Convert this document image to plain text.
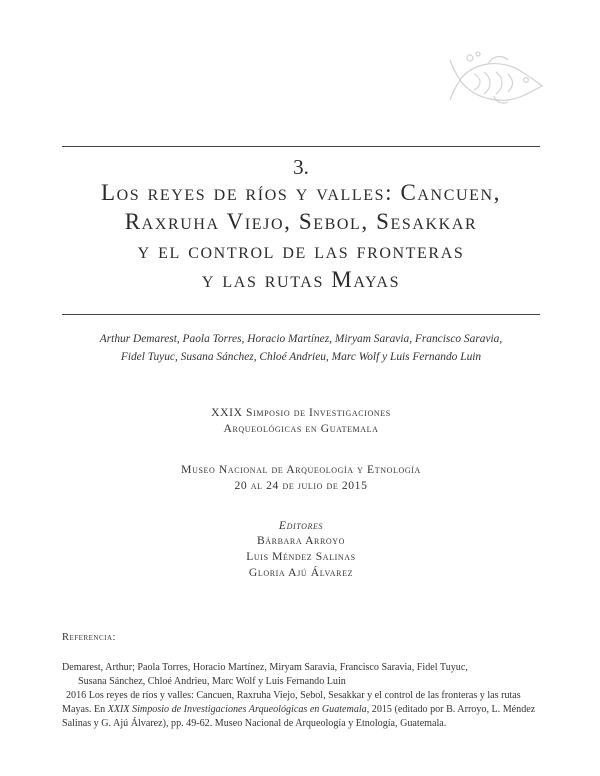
3.
Los reyes de ríos y valles: Cancuen,
Raxruha Viejo, Sebol, Sesakkar
y el control de las fronteras
y las rutas Mayas
Arthur Demarest, Paola Torres, Horacio Martínez, Miryam Saravia, Francisco Saravia,
Fidel Tuyuc, Susana Sánchez, Chloé Andrieu, Marc Wolf y Luis Fernando Luin
XXIX Simposio de Investigaciones
Arqueológicas en Guatemala
Museo Nacional de Arqueología y Etnología
20 al 24 de julio de 2015
Editores
Bárbara Arroyo
Luis Méndez Salinas
Gloria Ajú Álvarez
Referencia:
Demarest, Arthur; Paola Torres, Horacio Martínez, Miryam Saravia, Francisco Saravia, Fidel Tuyuc,
Susana Sánchez, Chloé Andrieu, Marc Wolf y Luis Fernando Luin
2016 Los reyes de ríos y valles: Cancuen, Raxruha Viejo, Sebol, Sesakkar y el control de las fronteras y las rutas
Mayas. En XXIX Simposio de Investigaciones Arqueológicas en Guatemala, 2015 (editado por B. Arroyo, L. Méndez
Salinas y G. Ajú Álvarez), pp. 49-62. Museo Nacional de Arqueología y Etnología, Guatemala.
